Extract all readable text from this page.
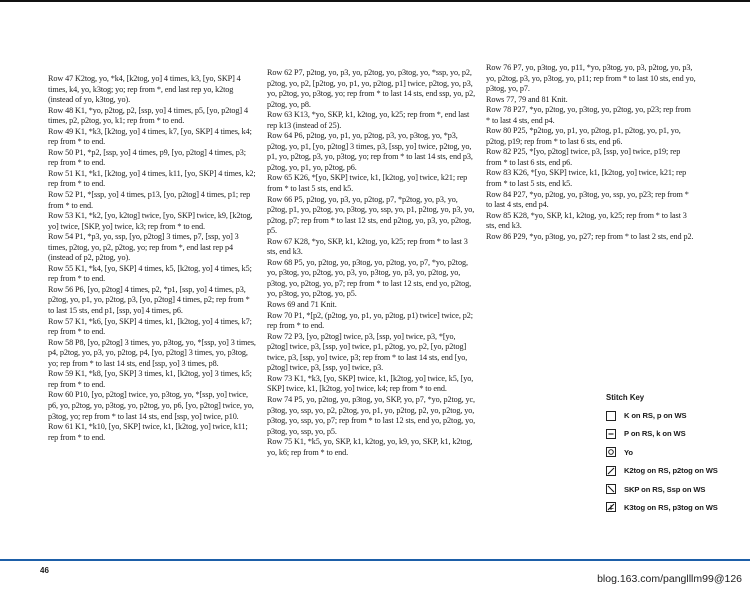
Row 47 K2tog, yo, *k4, [k2tog, yo] 4 times, k3, [yo, SKP] 4 times, k4, yo, k3tog; yo; rep from *, end last rep yo, k2tog (instead of yo, k3tog, yo).

Row 48 K1, *yo, p2tog, p2, [ssp, yo] 4 times, p5, [yo, p2tog] 4 times, p2, p2tog, yo, k1; rep from * to end.

Row 49 K1, *k3, [k2tog, yo] 4 times, k7, [yo, SKP] 4 times, k4; rep from * to end.

Row 50 P1, *p2, [ssp, yo] 4 times, p9, [yo, p2tog] 4 times, p3; rep from * to end.

Row 51 K1, *k1, [k2tog, yo] 4 times, k11, [yo, SKP] 4 times, k2; rep from * to end.

Row 52 P1, *[ssp, yo] 4 times, p13, [yo, p2tog] 4 times, p1; rep from * to end.

Row 53 K1, *k2, [yo, k2tog] twice, [yo, SKP] twice, k9, [k2tog, yo] twice, [SKP, yo] twice, k3; rep from * to end.

Row 54 P1, *p3, yo, ssp, [yo, p2tog] 3 times, p7, [ssp, yo] 3 times, p2tog, yo, p2, p2tog, yo; rep from *, end last rep p4 (instead of p2, p2tog, yo).

Row 55 K1, *k4, [yo, SKP] 4 times, k5, [k2tog, yo] 4 times, k5; rep from * to end.

Row 56 P6, [yo, p2tog] 4 times, p2, *p1, [ssp, yo] 4 times, p3, p2tog, yo, p1, yo, p2tog, p3, [yo, p2tog] 4 times, p2; rep from * to last 15 sts, end p1, [ssp, yo] 4 times, p6.

Row 57 K1, *k6, [yo, SKP] 4 times, k1, [k2tog, yo] 4 times, k7; rep from * to end.

Row 58 P8, [yo, p2tog] 3 times, yo, p3tog, yo, *[ssp, yo] 3 times, p4, p2tog, yo, p3, yo, p2tog, p4, [yo, p2tog] 3 times, yo, p3tog, yo; rep from * to last 14 sts, end [ssp, yo] 3 times, p8.

Row 59 K1, *k8, [yo, SKP] 3 times, k1, [k2tog, yo] 3 times, k5; rep from * to end.

Row 60 P10, [yo, p2tog] twice, yo, p3tog, yo, *[ssp, yo] twice, p6, yo, p2tog, yo, p3tog, yo, p2tog, yo, p6, [yo, p2tog] twice, yo, p3tog, yo; rep from * to last 14 sts, end [ssp, yo] twice, p10.

Row 61 K1, *k10, [yo, SKP] twice, k1, [k2tog, yo] twice, k11; rep from * to end.

Row 62 P7, p2tog, yo, p3, yo, p2tog, yo, p3tog, yo, *ssp, yo, p2, p2tog, yo, p2, [p2tog, yo, p1, yo, p2tog, p1] twice, p2tog, yo, p3, yo, p2tog, yo, p3tog, yo; rep from * to last 14 sts, end ssp, yo, p2, p2tog, yo, p8.

Row 63 K13, *yo, SKP, k1, k2tog, yo, k25; rep from *, end last rep k13 (instead of 25).

Row 64 P6, p2tog, yo, p1, yo, p2tog, p3, yo, p3tog, yo, *p3, p2tog, yo, p1, [yo, p2tog] 3 times, p3, [ssp, yo] twice, p2tog, yo, p1, yo, p2tog, p3, yo, p3tog, yo; rep from * to last 14 sts, end p3, p2tog, yo, p1, yo, p2tog, p6.

Row 65 K26, *[yo, SKP] twice, k1, [k2tog, yo] twice, k21; rep from * to last 5 sts, end k5.

Row 66 P5, p2tog, yo, p3, yo, p2tog, p7, *p2tog, yo, p3, yo, p2tog, p1, yo, p2tog, yo, p3tog, yo, ssp, yo, p1, p2tog, yo, p3, yo, p2tog, p7; rep from * to last 12 sts, end p2tog, yo, p3, yo, p2tog, p5.

Row 67 K28, *yo, SKP, k1, k2tog, yo, k25; rep from * to last 3 sts, end k3.

Row 68 P5, yo, p2tog, yo, p3tog, yo, p2tog, yo, p7, *yo, p2tog, yo, p3tog, yo, p2tog, yo, p3, yo, p3tog, yo, p3, yo, p2tog, yo, p3tog, yo, p2tog, yo, p7; rep from * to last 12 sts, end yo, p2tog, yo, p3tog, yo, p2tog, yo, p5.

Rows 69 and 71 Knit.

Row 70 P1, *[p2, (p2tog, yo, p1, yo, p2tog, p1) twice] twice, p2; rep from * to end.

Row 72 P3, [yo, p2tog] twice, p3, [ssp, yo] twice, p3, *[yo, p2tog] twice, p3, [ssp, yo] twice, p1, p2tog, yo, p2, [yo, p2tog] twice, p3, [ssp, yo] twice, p3; rep from * to last 14 sts, end [yo, p2tog] twice, p3, [ssp, yo] twice, p3.

Row 73 K1, *k3, [yo, SKP] twice, k1, [k2tog, yo] twice, k5, [yo, SKP] twice, k1, [k2tog, yo] twice, k4; rep from * to end.

Row 74 P5, yo, p2tog, yo, p3tog, yo, SKP, yo, p7, *yo, p2tog, yc, p3tog, yo, ssp, yo, p2, p2tog, yo, p1, yo, p2tog, p2, yo, p2tog, yo, p3tog, yo, ssp, yo, p7; rep from * to last 12 sts, end yo, p2tog, yo, p3tog, yo, ssp, yo, p5.

Row 75 K1, *k5, yo, SKP, k1, k2tog, yo, k9, yo, SKP, k1, k2tog, yo, k6; rep from * to end.

Row 76 P7, yo, p3tog, yo, p11, *yo, p3tog, yo, p3, p2tog, yo, p3, yo, p2tog, p3, yo, p3tog, yo, p11; rep from * to last 10 sts, end yo, p3tog, yo, p7.

Rows 77, 79 and 81 Knit.

Row 78 P27, *yo, p2tog, yo, p3tog, yo, p2tog, yo, p23; rep from * to last 4 sts, end p4.

Row 80 P25, *p2tog, yo, p1, yo, p2tog, p1, p2tog, yo, p1, yo, p2tog, p19; rep from * to last 6 sts, end p6.

Row 82 P25, *[yo, p2tog] twice, p3, [ssp, yo] twice, p19; rep from * to last 6 sts, end p6.

Row 83 K26, *[yo, SKP] twice, k1, [k2tog, yo] twice, k21; rep from * to last 5 sts, end k5.

Row 84 P27, *yo, p2tog, yo, p3tog, yo, ssp, yo, p23; rep from * to last 4 sts, end p4.

Row 85 K28, *yo, SKP, k1, k2tog, yo, k25; rep from * to last 3 sts, end k3.

Row 86 P29, *yo, p3tog, yo, p27; rep from * to last 2 sts, end p2.

Stitch Key
K on RS, p on WS
P on RS, k on WS
Yo
K2tog on RS, p2tog on WS
SKP on RS, Ssp on WS
K3tog on RS, p3tog on WS
46
blog.163.com/panglllm99@126
